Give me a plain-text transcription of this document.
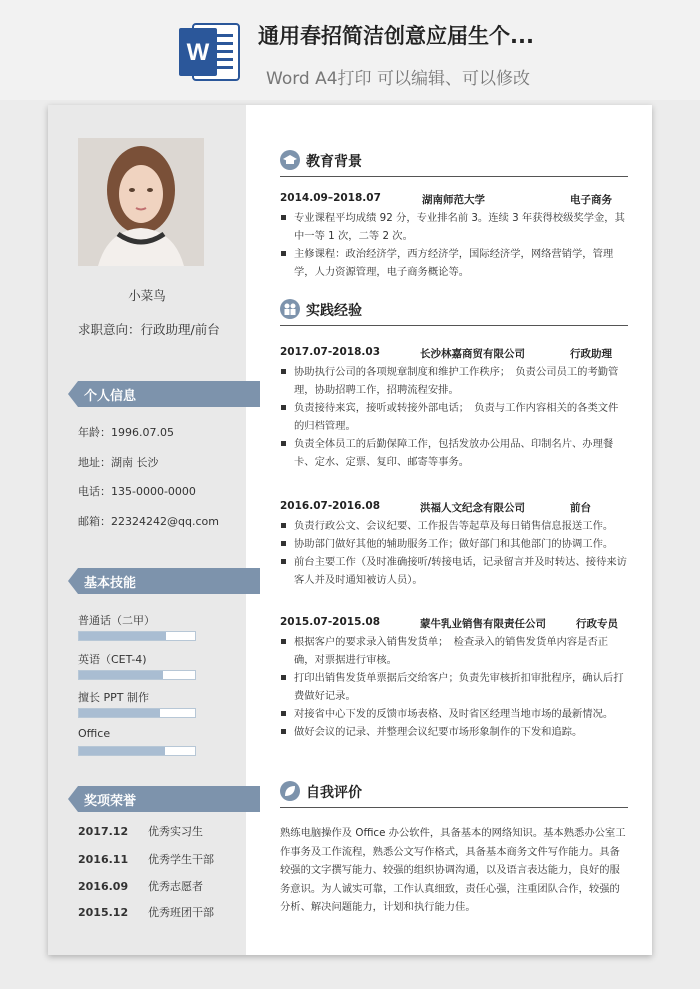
W
通用春招简洁创意应届生个...
Word A4打印 可以编辑、可以修改

小菜鸟
求职意向：行政助理/前台
个人信息
年龄：1996.07.05
地址：湖南 长沙
电话：135-0000-0000
邮箱：22324242@qq.com
基本技能
普通话（二甲）
英语（CET-4)
擅长 PPT 制作
Office
奖项荣誉
2017.12 优秀实习生
2016.11 优秀学生干部
2016.09 优秀志愿者
2015.12 优秀班团干部
教育背景
2014.09–2018.07	湖南师范大学	电子商务
专业课程平均成绩 92 分，专业排名前 3。连续 3 年获得校级奖学金，其中一等 1 次，二等 2 次。
主修课程：政治经济学，西方经济学，国际经济学，网络营销学，管理学，人力资源管理，电子商务概论等。
实践经验
2017.07-2018.03	长沙林嘉商贸有限公司	行政助理
协助执行公司的各项规章制度和维护工作秩序；　负责公司员工的考勤管理，协助招聘工作，招聘流程安排。
负责接待来宾，接听或转接外部电话；　负责与工作内容相关的各类文件的归档管理。
负责全体员工的后勤保障工作，包括发放办公用品、印制名片、办理餐卡、定水、定票、复印、邮寄等事务。
2016.07-2016.08	洪福人文纪念有限公司	前台
负责行政公文、会议纪要、工作报告等起草及每日销售信息报送工作。
协助部门做好其他的辅助服务工作；做好部门和其他部门的协调工作。
前台主要工作（及时准确接听/转接电话，记录留言并及时转达、接待来访客人并及时通知被访人员）。
2015.07-2015.08	蒙牛乳业销售有限责任公司	行政专员
根据客户的要求录入销售发货单；　检查录入的销售发货单内容是否正确，对票据进行审核。
打印出销售发货单票据后交给客户；负责先审核折扣审批程序，确认后打费做好记录。
对接省中心下发的反馈市场表格、及时省区经理当地市场的最新情况。
做好会议的记录、并整理会议纪要市场形象制作的下发和追踪。
自我评价
熟练电脑操作及 Office 办公软件，具备基本的网络知识。基本熟悉办公室工作事务及工作流程，熟悉公文写作格式，具备基本商务文件写作能力。具备较强的文字撰写能力、较强的组织协调沟通，以及语言表达能力，良好的服务意识。为人诚实可靠，工作认真细致，责任心强，注重团队合作，较强的分析、解决问题能力，计划和执行能力佳。
